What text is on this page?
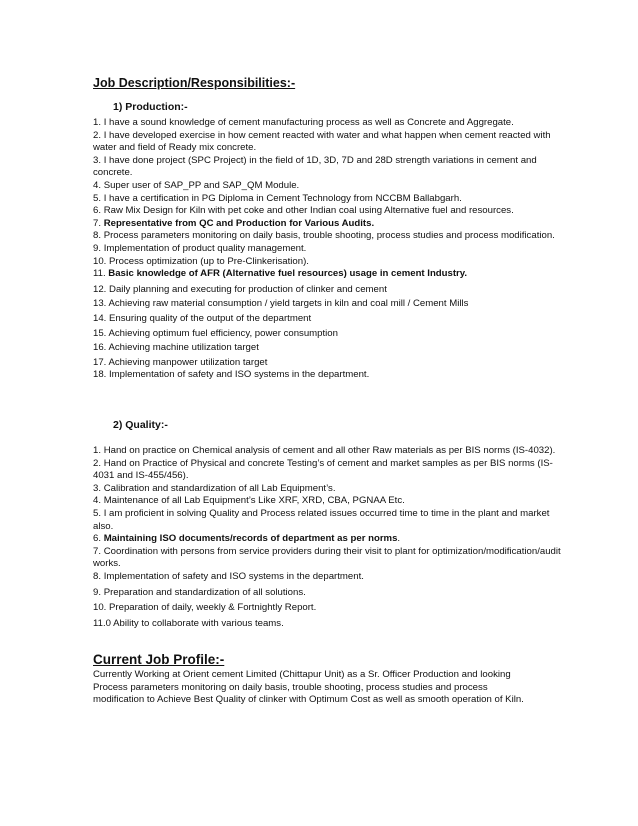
Job Description/Responsibilities:-
1) Production:-

1. I have a sound knowledge of cement manufacturing process as well as Concrete and Aggregate.

2. I have developed exercise in how cement reacted with water and what happen when cement reacted with water and field of Ready mix concrete.

3. I have done project (SPC Project) in the field of 1D, 3D, 7D and 28D strength variations in cement and concrete.

4. Super user of SAP_PP and SAP_QM Module.

5. I have a certification in PG Diploma in Cement Technology from NCCBM Ballabgarh.

6. Raw Mix Design for Kiln with pet coke and other Indian coal using Alternative fuel and resources.

7. Representative from QC and Production for Various Audits.

8. Process parameters monitoring on daily basis, trouble shooting, process studies and process modification.

9. Implementation of product quality management.

10. Process optimization (up to Pre-Clinkerisation).

11. Basic knowledge of AFR (Alternative fuel resources) usage in cement Industry.

12. Daily planning and executing for production of clinker and cement

13. Achieving raw material consumption / yield targets in kiln and coal mill / Cement Mills

14. Ensuring quality of the output of the department

15. Achieving optimum fuel efficiency, power consumption

16. Achieving machine utilization target

17. Achieving manpower utilization target

18. Implementation of safety and ISO systems in the department.

2) Quality:-

1. Hand on practice on Chemical analysis of cement and all other Raw materials as per BIS norms (IS-4032).

2. Hand on Practice of Physical and concrete Testing’s of cement and market samples as per BIS norms (IS-4031 and IS-455/456).

3. Calibration and standardization of all Lab Equipment’s.

4. Maintenance of all Lab Equipment’s Like XRF, XRD, CBA, PGNAA Etc.

5. I am proficient in solving Quality and Process related issues occurred time to time in the plant and market also.

6. Maintaining ISO documents/records of department as per norms.

7. Coordination with persons from service providers during their visit to plant for optimization/modification/audit works.

8. Implementation of safety and ISO systems in the department.

9. Preparation and standardization of all solutions.

10. Preparation of daily, weekly & Fortnightly Report.

11.0 Ability to collaborate with various teams.

Current Job Profile:-

Currently Working at Orient cement Limited (Chittapur Unit) as a Sr. Officer Production and looking Process parameters monitoring on daily basis, trouble shooting, process studies and process modification to Achieve Best Quality of clinker with Optimum Cost as well as smooth operation of Kiln.
